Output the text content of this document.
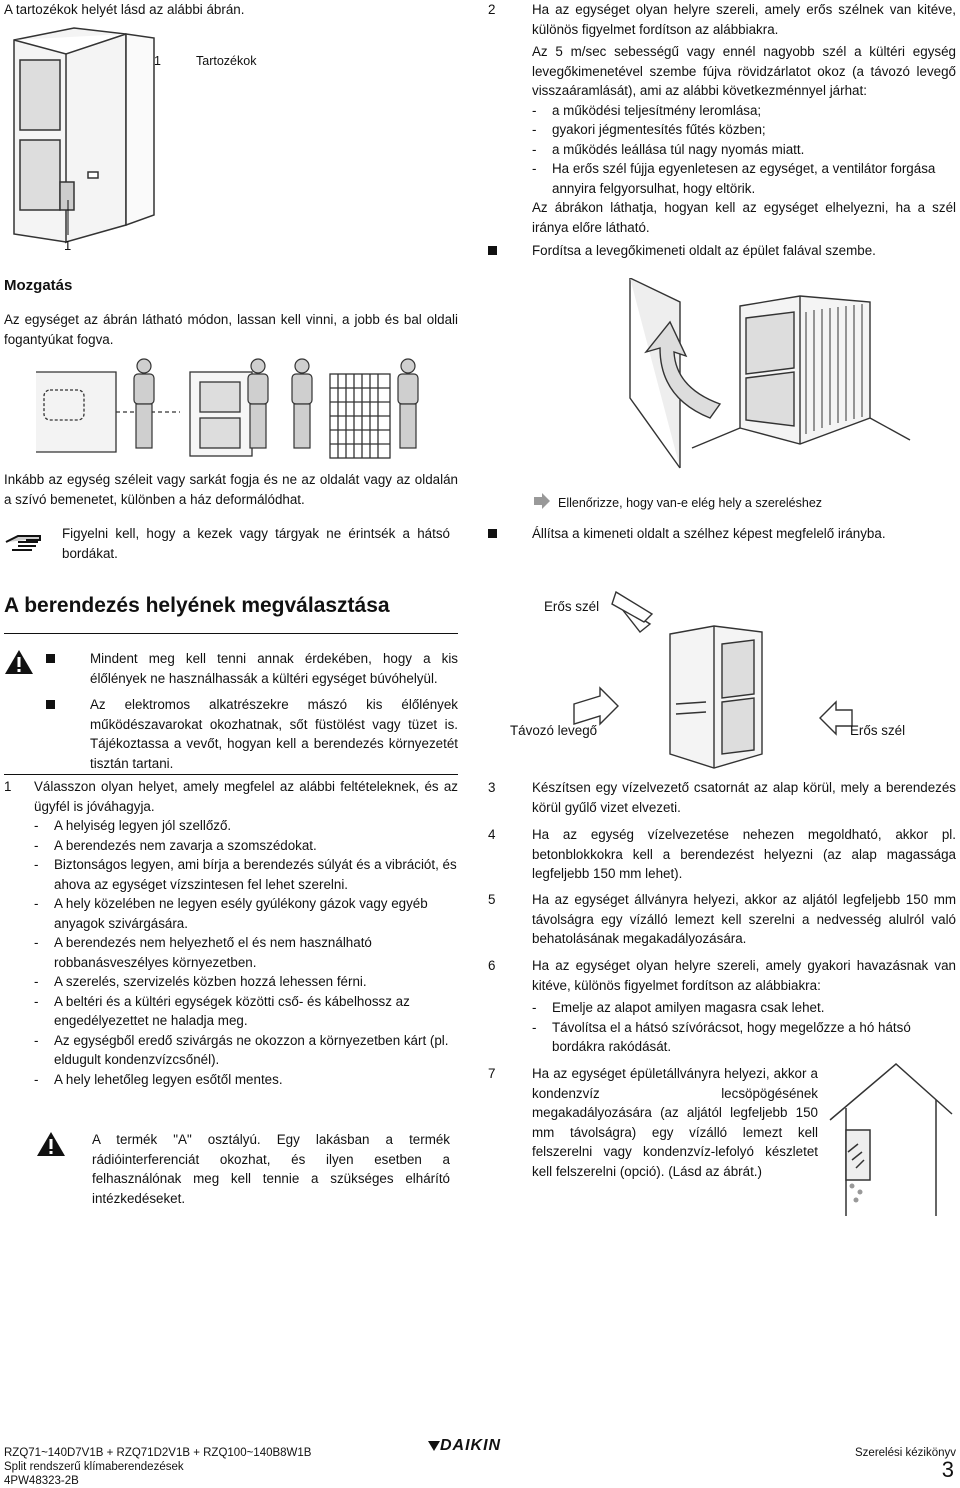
A tartozékok helyét lásd az alábbi ábrán.

1
1	Tartozékok
Mozgatás

Az egységet az ábrán látható módon, lassan kell vinni, a jobb és bal oldali fogantyúkat fogva.

Inkább az egység széleit vagy sarkát fogja és ne az oldalát vagy az oldalán a szívó bemenetet, különben a ház deformálódhat.

Figyelni kell, hogy a kezek vagy tárgyak ne érintsék a hátsó bordákat.

A berendezés helyének megválasztása
Mindent meg kell tenni annak érdekében, hogy a kis élőlények ne használhassák a kültéri egységet búvóhelyül.
Az elektromos alkatrészekre mászó kis élőlények működészavarokat okozhatnak, sőt füstölést vagy tüzet is. Tájékoztassa a vevőt, hogyan kell a berendezés környezetét tisztán tartani.
1 Válasszon olyan helyet, amely megfelel az alábbi feltételeknek, és az ügyfél is jóváhagyja.

- A helyiség legyen jól szellőző.
- A berendezés nem zavarja a szomszédokat.
- Biztonságos legyen, ami bírja a berendezés súlyát és a vibrációt, és ahova az egységet vízszintesen fel lehet szerelni.
- A hely közelében ne legyen esély gyúlékony gázok vagy egyéb anyagok szivárgására.
- A berendezés nem helyezhető el és nem használható robbanásveszélyes környezetben.
- A szerelés, szervizelés közben hozzá lehessen férni.
- A beltéri és a kültéri egységek közötti cső- és kábelhossz az engedélyezettet ne haladja meg.
- Az egységből eredő szivárgás ne okozzon a környezetben kárt (pl. eldugult kondenzvízcsőnél).
- A hely lehetőleg legyen esőtől mentes.

A termék "A" osztályú. Egy lakásban a termék rádióinterferenciát okozhat, és ilyen esetben a felhasználónak meg kell tennie a szükséges elhárító intézkedéseket.

2	Ha az egységet olyan helyre szereli, amely erős szélnek van kitéve, különös figyelmet fordítson az alábbiakra.

Az 5 m/sec sebességű vagy ennél nagyobb szél a kültéri egység levegőkimenetével szembe fújva rövidzárlatot okoz (a távozó levegő visszaáramlását), ami az alábbi következménnyel járhat:

- a működési teljesítmény leromlása;
- gyakori jégmentesítés fűtés közben;
- a működés leállása túl nagy nyomás miatt.
- Ha erős szél fújja egyenletesen az egységet, a ventilátor forgása annyira felgyorsulhat, hogy eltörik.

Az ábrákon láthatja, hogyan kell az egységet elhelyezni, ha a szél iránya előre látható.

Fordítsa a levegőkimeneti oldalt az épület falával szembe.
Ellenőrizze, hogy van-e elég hely a szereléshez
Állítsa a kimeneti oldalt a szélhez képest megfelelő irányba.
Erős szél
Távozó levegő	Erős szél
3	Készítsen egy vízelvezető csatornát az alap körül, mely a berendezés körül gyűlő vizet elvezeti.

4	Ha az egység vízelvezetése nehezen megoldható, akkor pl. betonblokkokra kell a berendezést helyezni (az alap magassága legfeljebb 150 mm lehet).

5	Ha az egységet állványra helyezi, akkor az aljától legfeljebb 150 mm távolságra egy vízálló lemezt kell szerelni a nedvesség alulról való behatolásának megakadályozására.

6	Ha az egységet olyan helyre szereli, amely gyakori havazásnak van kitéve, különös figyelmet fordítson az alábbiakra:

- Emelje az alapot amilyen magasra csak lehet.
- Távolítsa el a hátsó szívórácsot, hogy megelőzze a hó hátsó bordákra rakódását.
7	Ha az egységet épületállványra helyezi, akkor a kondenzvíz lecsöpögésének megakadályozására (az aljától legfeljebb 150 mm távolságra) egy vízálló lemezt kell felszerelni vagy kondenzvíz-lefolyó készletet kell felszerelni (opció). (Lásd az ábrát.)

RZQ71~140D7V1B + RZQ71D2V1B + RZQ100~140B8W1B
Split rendszerű klímaberendezések
4PW48323-2B
DAIKIN	Szerelési kézikönyv
3
